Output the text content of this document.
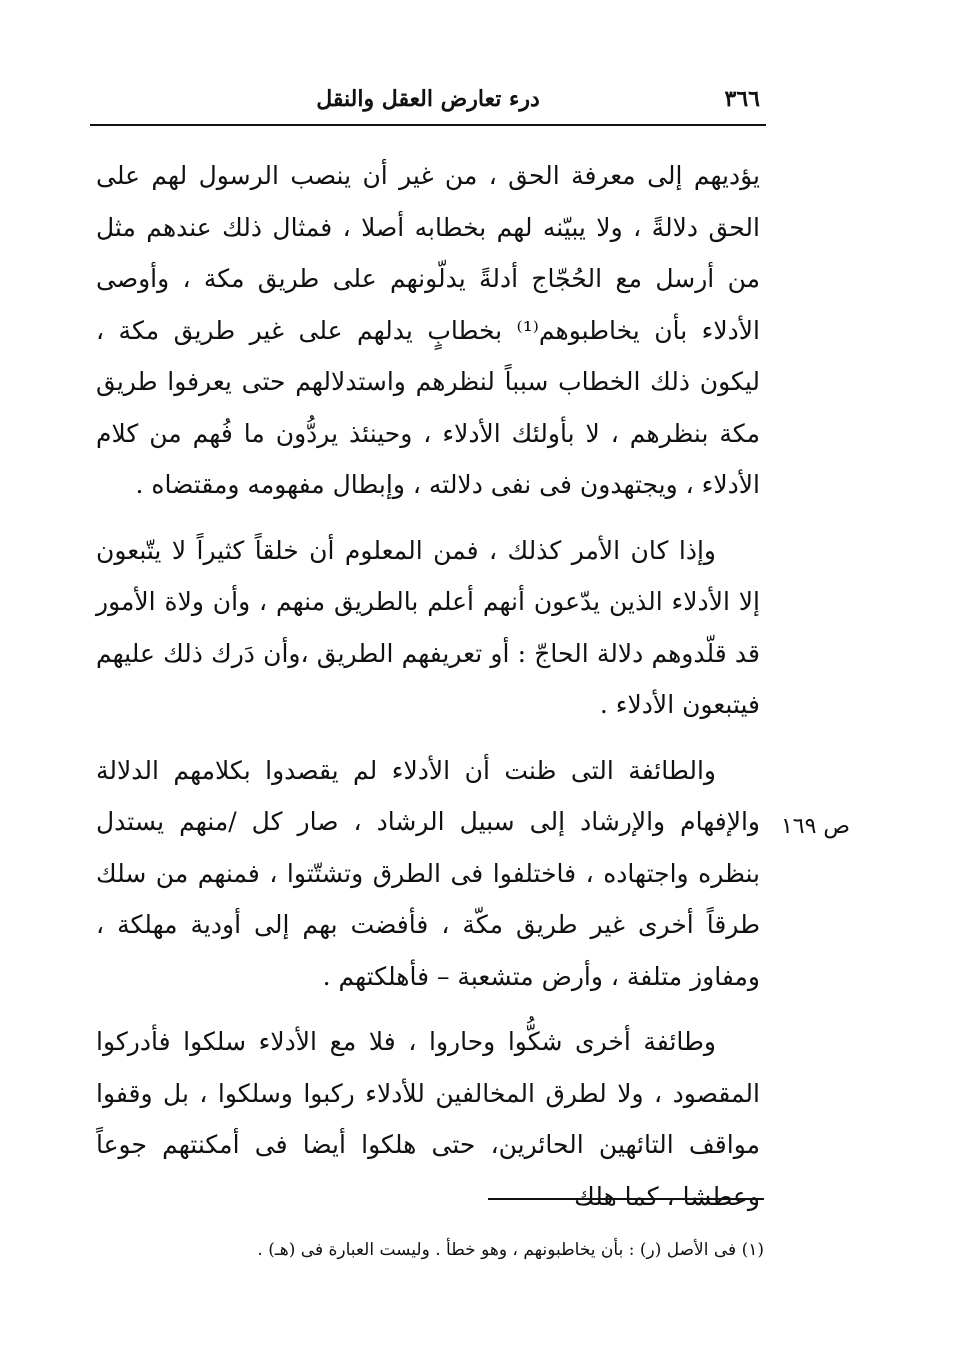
٣٦٦
درء تعارض العقل والنقل

يؤديهم إلى معرفة الحق ، من غير أن ينصب الرسول لهم على الحق دلالةً ، ولا يبيّنه لهم بخطابه أصلا ، فمثال ذلك عندهم مثل من أرسل مع الحُجّاج أدلةً يدلّونهم على طريق مكة ، وأوصى الأدلاء بأن يخاطبوهم⁽¹⁾ بخطابٍ يدلهم على غير طريق مكة ، ليكون ذلك الخطاب سبباً لنظرهم واستدلالهم حتى يعرفوا طريق مكة بنظرهم ، لا بأولئك الأدلاء ، وحينئذ يردُّون ما فُهم من كلام الأدلاء ، ويجتهدون فى نفى دلالته ، وإبطال مفهومه ومقتضاه .

وإذا كان الأمر كذلك ، فمن المعلوم أن خلقاً كثيراً لا يتّبعون إلا الأدلاء الذين يدّعون أنهم أعلم بالطريق منهم ، وأن ولاة الأمور قد قلّدوهم دلالة الحاجّ : أو تعريفهم الطريق ،وأن دَرك ذلك عليهم فيتبعون الأدلاء .

والطائفة التى ظنت أن الأدلاء لم يقصدوا بكلامهم الدلالة والإفهام والإرشاد إلى سبيل الرشاد ، صار كل /منهم يستدل بنظره واجتهاده ، فاختلفوا فى الطرق وتشتّتوا ، فمنهم من سلك طرقاً أخرى غير طريق مكّة ، فأفضت بهم إلى أودية مهلكة ، ومفاوز متلفة ، وأرض متشعبة – فأهلكتهم .

وطائفة أخرى شكُّوا وحاروا ، فلا مع الأدلاء سلكوا فأدركوا المقصود ، ولا لطرق المخالفين للأدلاء ركبوا وسلكوا ، بل وقفوا مواقف التائهين الحائرين، حتى هلكوا أيضا فى أمكنتهم جوعاً وعطشا ، كما هلك

ص ١٦٩
(١) فى الأصل (ر) : بأن يخاطبونهم ، وهو خطأ . وليست العبارة فى (هـ) .
